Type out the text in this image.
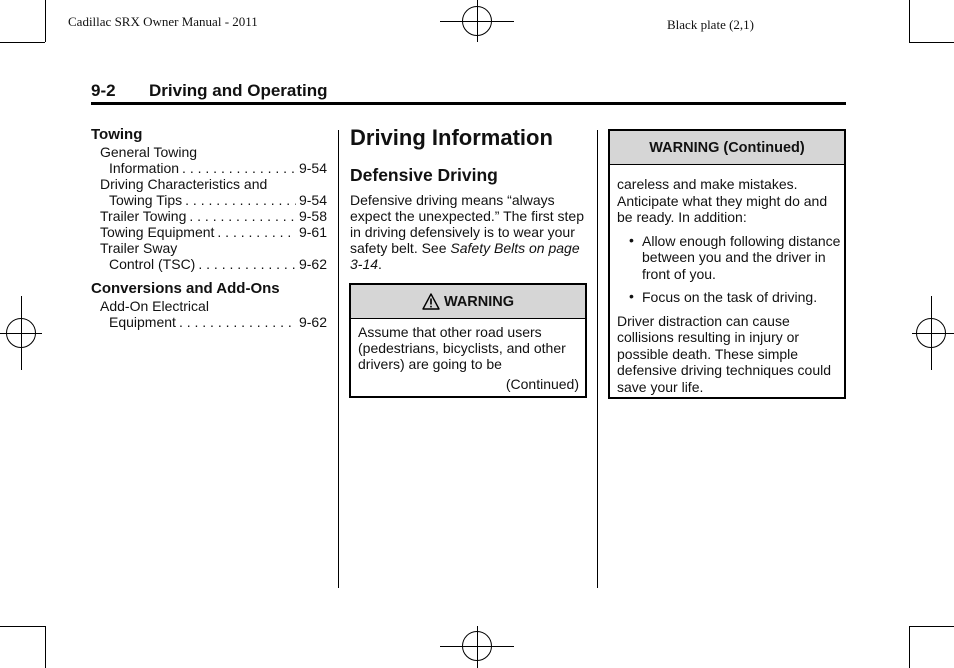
Cadillac SRX Owner Manual - 2011	Black plate (2,1)
9-2 Driving and Operating
Towing
General Towing
Information . . .	9-54
Driving Characteristics and
Towing Tips . . .	9-54
Trailer Towing . . .	9-58
Towing Equipment . . .	9-61
Trailer Sway
Control (TSC) . . .	9-62
Conversions and Add-Ons
Add-On Electrical
Equipment . . .	9-62
Driving Information
Defensive Driving
Defensive driving means “always expect the unexpected.” The first step in driving defensively is to wear your safety belt. See Safety Belts on page 3-14.
WARNING
Assume that other road users (pedestrians, bicyclists, and other drivers) are going to be
(Continued)
WARNING (Continued)

careless and make mistakes. Anticipate what they might do and be ready. In addition:

• Allow enough following distance between you and the driver in front of you.
• Focus on the task of driving.

Driver distraction can cause collisions resulting in injury or possible death. These simple defensive driving techniques could save your life.
